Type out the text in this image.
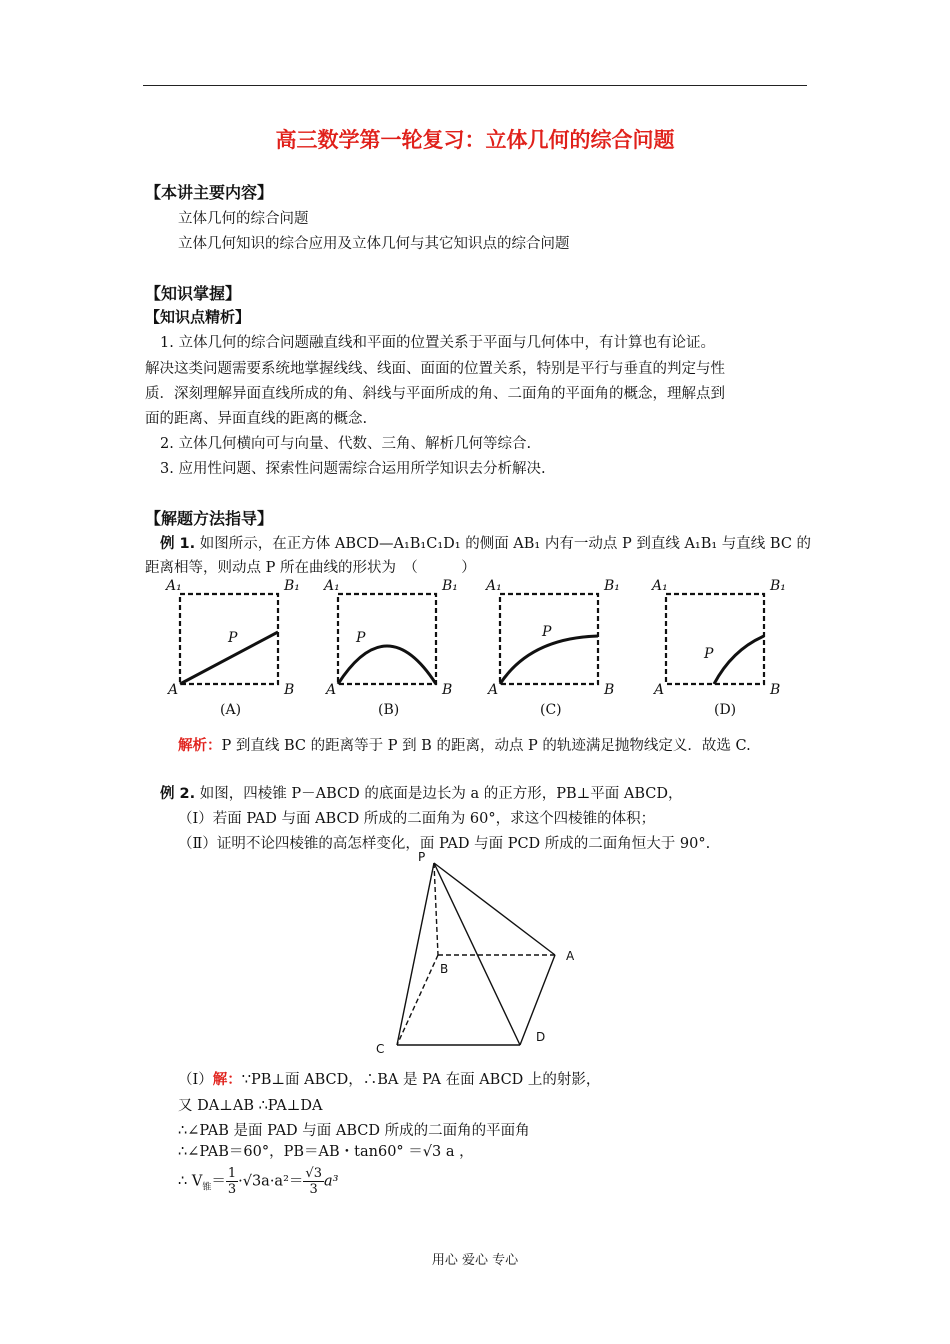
高三数学第一轮复习：立体几何的综合问题
【本讲主要内容】
立体几何的综合问题
立体几何知识的综合应用及立体几何与其它知识点的综合问题
【知识掌握】
【知识点精析】
1. 立体几何的综合问题融直线和平面的位置关系于平面与几何体中，有计算也有论证。
解决这类问题需要系统地掌握线线、线面、面面的位置关系，特别是平行与垂直的判定与性
质．深刻理解异面直线所成的角、斜线与平面所成的角、二面角的平面角的概念，理解点到
面的距离、异面直线的距离的概念.
2. 立体几何横向可与向量、代数、三角、解析几何等综合.
3. 应用性问题、探索性问题需综合运用所学知识去分析解决.
【解题方法指导】
例 1. 如图所示，在正方体 ABCD—A₁B₁C₁D₁ 的侧面 AB₁ 内有一动点 P 到直线 A₁B₁ 与直线 BC 的
距离相等，则动点 P 所在曲线的形状为　（　　　）
A₁	B₁
A	B
P
(A)
A₁	B₁
A	B
P
(B)
A₁	B₁
A	B
P
(C)
A₁	B₁
A	B
P
(D)
解析：P 到直线 BC 的距离等于 P 到 B 的距离，动点 P 的轨迹满足抛物线定义．故选 C.
例 2. 如图，四棱锥 P－ABCD 的底面是边长为 a 的正方形，PB⊥平面 ABCD，
（Ⅰ）若面 PAD 与面 ABCD 所成的二面角为 60°，求这个四棱锥的体积；
（Ⅱ）证明不论四棱锥的高怎样变化，面 PAD 与面 PCD 所成的二面角恒大于 90°.
P
A
B
C
D
（Ⅰ）解：∵PB⊥面 ABCD，∴BA 是 PA 在面 ABCD 上的射影，
又 DA⊥AB ∴PA⊥DA
∴∠PAB 是面 PAD 与面 ABCD 所成的二面角的平面角
∴∠PAB＝60°，PB＝AB・tan60° ＝√3 a ，
∴ $V_锥= \frac{1}{3} \cdot√3a\cdot a^2= \frac{√3}{3} a^3$
用心 爱心 专心
